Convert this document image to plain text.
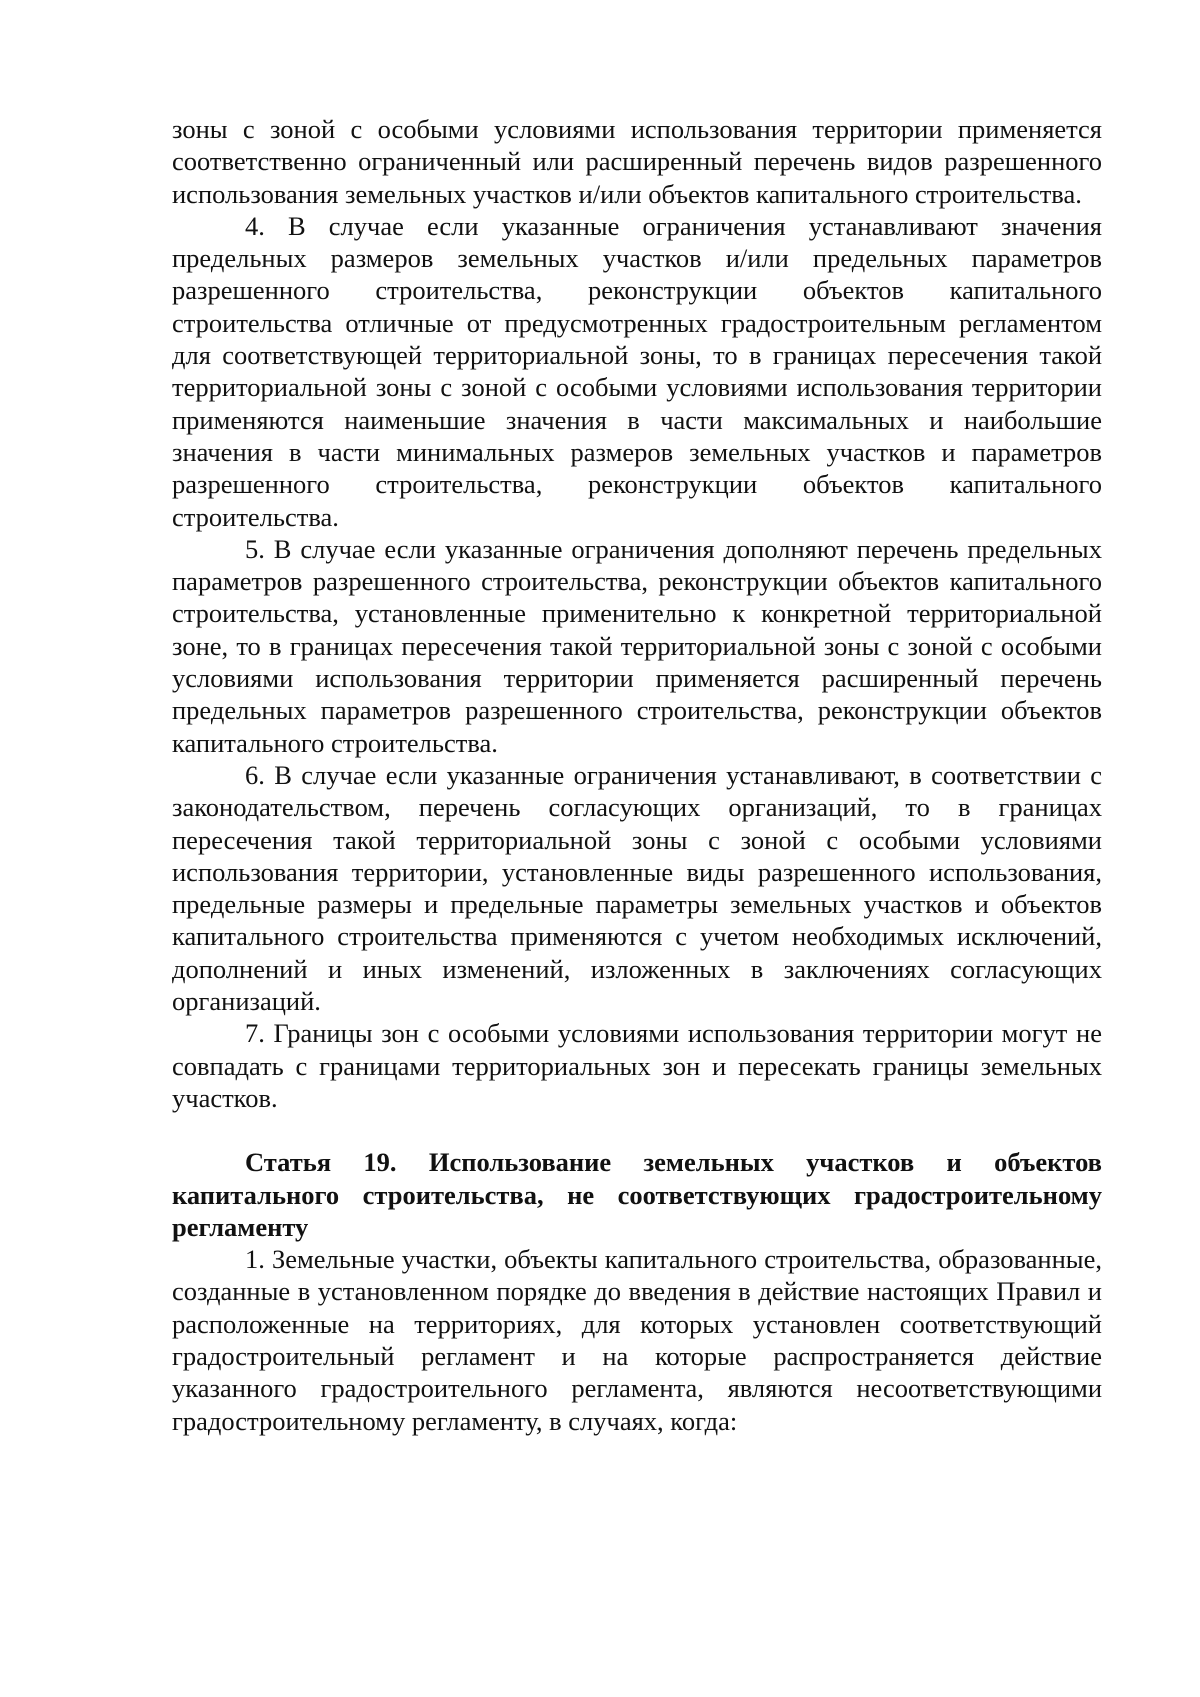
зоны с зоной с особыми условиями использования территории применяется соответственно ограниченный или расширенный перечень видов разрешенного использования земельных участков и/или объектов капитального строительства.

4. В случае если указанные ограничения устанавливают значения предельных размеров земельных участков и/или предельных параметров разрешенного строительства, реконструкции объектов капитального строительства отличные от предусмотренных градостроительным регламентом для соответствующей территориальной зоны, то в границах пересечения такой территориальной зоны с зоной с особыми условиями использования территории применяются наименьшие значения в части максимальных и наибольшие значения в части минимальных размеров земельных участков и параметров разрешенного строительства, реконструкции объектов капитального строительства.

5. В случае если указанные ограничения дополняют перечень предельных параметров разрешенного строительства, реконструкции объектов капитального строительства, установленные применительно к конкретной территориальной зоне, то в границах пересечения такой территориальной зоны с зоной с особыми условиями использования территории применяется расширенный перечень предельных параметров разрешенного строительства, реконструкции объектов капитального строительства.

6. В случае если указанные ограничения устанавливают, в соответствии с законодательством, перечень согласующих организаций, то в границах пересечения такой территориальной зоны с зоной с особыми условиями использования территории, установленные виды разрешенного использования, предельные размеры и предельные параметры земельных участков и объектов капитального строительства применяются с учетом необходимых исключений, дополнений и иных изменений, изложенных в заключениях согласующих организаций.

7. Границы зон с особыми условиями использования территории могут не совпадать с границами территориальных зон и пересекать границы земельных участков.

Статья 19. Использование земельных участков и объектов капитального строительства, не соответствующих градостроительному регламенту

1. Земельные участки, объекты капитального строительства, образованные, созданные в установленном порядке до введения в действие настоящих Правил и расположенные на территориях, для которых установлен соответствующий градостроительный регламент и на которые распространяется действие указанного градостроительного регламента, являются несоответствующими градостроительному регламенту, в случаях, когда:
